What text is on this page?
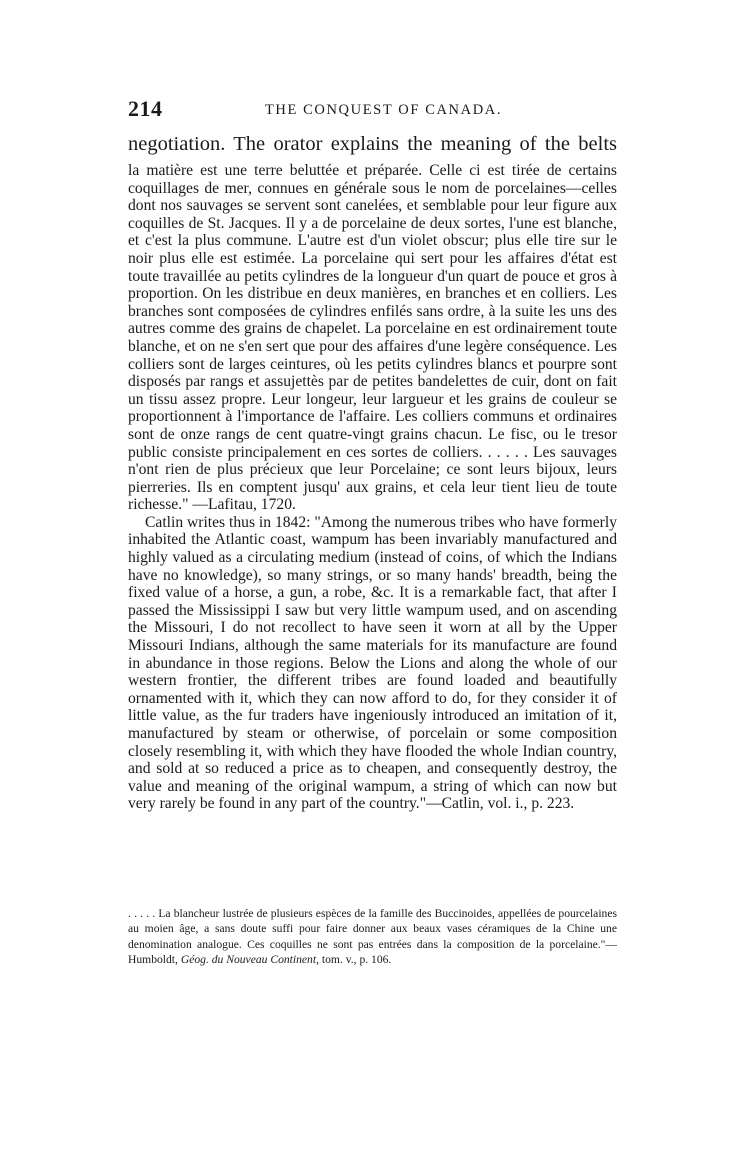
214	THE CONQUEST OF CANADA.
negotiation. The orator explains the meaning of the belts

la matière est une terre beluttée et préparée. Celle ci est tirée de certains coquillages de mer, connues en générale sous le nom de porcelaines—celles dont nos sauvages se servent sont canelées, et semblable pour leur figure aux coquilles de St. Jacques. Il y a de porcelaine de deux sortes, l'une est blanche, et c'est la plus commune. L'autre est d'un violet obscur; plus elle tire sur le noir plus elle est estimée. La porcelaine qui sert pour les affaires d'état est toute travaillée au petits cylindres de la longueur d'un quart de pouce et gros à proportion. On les distribue en deux manières, en branches et en colliers. Les branches sont composées de cylindres enfilés sans ordre, à la suite les uns des autres comme des grains de chapelet. La porcelaine en est ordinairement toute blanche, et on ne s'en sert que pour des affaires d'une legère conséquence. Les colliers sont de larges ceintures, où les petits cylindres blancs et pourpre sont disposés par rangs et assujettès par de petites bandelettes de cuir, dont on fait un tissu assez propre. Leur longeur, leur largueur et les grains de couleur se proportionnent à l'importance de l'affaire. Les colliers communs et ordinaires sont de onze rangs de cent quatre-vingt grains chacun. Le fisc, ou le tresor public consiste principalement en ces sortes de colliers. . . . . . Les sauvages n'ont rien de plus précieux que leur Porcelaine; ce sont leurs bijoux, leurs pierreries. Ils en comptent jusqu' aux grains, et cela leur tient lieu de toute richesse." —Lafitau, 1720.

Catlin writes thus in 1842: "Among the numerous tribes who have formerly inhabited the Atlantic coast, wampum has been invariably manufactured and highly valued as a circulating medium (instead of coins, of which the Indians have no knowledge), so many strings, or so many hands' breadth, being the fixed value of a horse, a gun, a robe, &c. It is a remarkable fact, that after I passed the Mississippi I saw but very little wampum used, and on ascending the Missouri, I do not recollect to have seen it worn at all by the Upper Missouri Indians, although the same materials for its manufacture are found in abundance in those regions. Below the Lions and along the whole of our western frontier, the different tribes are found loaded and beautifully ornamented with it, which they can now afford to do, for they consider it of little value, as the fur traders have ingeniously introduced an imitation of it, manufactured by steam or otherwise, of porcelain or some composition closely resembling it, with which they have flooded the whole Indian country, and sold at so reduced a price as to cheapen, and consequently destroy, the value and meaning of the original wampum, a string of which can now but very rarely be found in any part of the country."—Catlin, vol. i., p. 223.

. . . . . La blancheur lustrée de plusieurs espèces de la famille des Buccinoides, appellées de pourcelaines au moien âge, a sans doute suffi pour faire donner aux beaux vases céramiques de la Chine une denomination analogue. Ces coquilles ne sont pas entrées dans la composition de la porcelaine."—Humboldt, Géog. du Nouveau Continent, tom. v., p. 106.
